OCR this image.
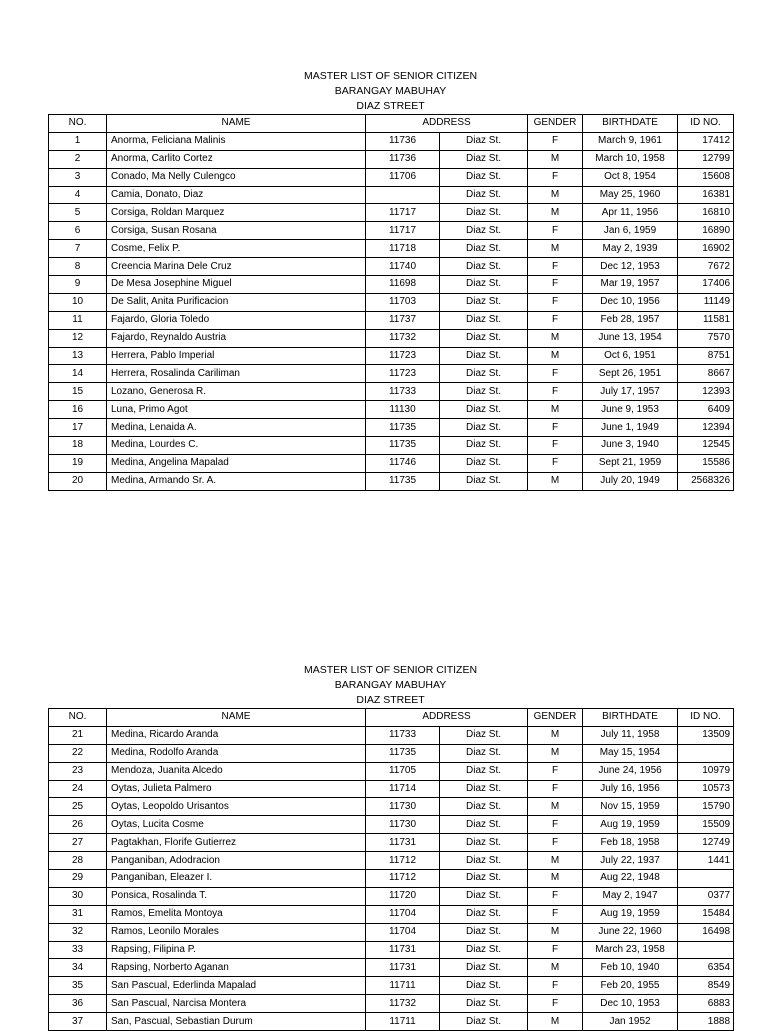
MASTER LIST OF SENIOR CITIZEN
BARANGAY MABUHAY
DIAZ STREET
NO.	NAME	ADDRESS		GENDER	BIRTHDATE	ID NO.
1	Anorma, Feliciana Malinis	11736	Diaz St.	F	March 9, 1961	17412
2	Anorma, Carlito Cortez	11736	Diaz St.	M	March 10, 1958	12799
3	Conado, Ma Nelly Culengco	11706	Diaz St.	F	Oct 8, 1954	15608
4	Camia, Donato, Diaz		Diaz St.	M	May 25, 1960	16381
5	Corsiga, Roldan Marquez	11717	Diaz St.	M	Apr 11, 1956	16810
6	Corsiga, Susan Rosana	11717	Diaz St.	F	Jan 6, 1959	16890
7	Cosme, Felix P.	11718	Diaz St.	M	May 2, 1939	16902
8	Creencia Marina Dele Cruz	11740	Diaz St.	F	Dec 12, 1953	7672
9	De Mesa Josephine Miguel	11698	Diaz St.	F	Mar 19, 1957	17406
10	De Salit, Anita Purificacion	11703	Diaz St.	F	Dec 10, 1956	11149
11	Fajardo, Gloria Toledo	11737	Diaz St.	F	Feb 28, 1957	11581
12	Fajardo, Reynaldo Austria	11732	Diaz St.	M	June 13, 1954	7570
13	Herrera, Pablo Imperial	11723	Diaz St.	M	Oct 6, 1951	8751
14	Herrera, Rosalinda Cariliman	11723	Diaz St.	F	Sept 26, 1951	8667
15	Lozano, Generosa R.	11733	Diaz St.	F	July 17, 1957	12393
16	Luna, Primo Agot	11130	Diaz St.	M	June 9, 1953	6409
17	Medina, Lenaida A.	11735	Diaz St.	F	June 1, 1949	12394
18	Medina, Lourdes C.	11735	Diaz St.	F	June 3, 1940	12545
19	Medina, Angelina Mapalad	11746	Diaz St.	F	Sept 21, 1959	15586
20	Medina, Armando Sr. A.	11735	Diaz St.	M	July 20, 1949	2568326
MASTER LIST OF SENIOR CITIZEN
BARANGAY MABUHAY
DIAZ STREET
NO.	NAME	ADDRESS		GENDER	BIRTHDATE	ID NO.
21	Medina, Ricardo Aranda	11733	Diaz St.	M	July 11, 1958	13509
22	Medina, Rodolfo Aranda	11735	Diaz St.	M	May 15, 1954	
23	Mendoza, Juanita Alcedo	11705	Diaz St.	F	June 24, 1956	10979
24	Oytas, Julieta Palmero	11714	Diaz St.	F	July 16, 1956	10573
25	Oytas, Leopoldo Urisantos	11730	Diaz St.	M	Nov 15, 1959	15790
26	Oytas, Lucita Cosme	11730	Diaz St.	F	Aug 19, 1959	15509
27	Pagtakhan, Florife Gutierrez	11731	Diaz St.	F	Feb 18, 1958	12749
28	Panganiban, Adodracion	11712	Diaz St.	M	July 22, 1937	1441
29	Panganiban, Eleazer I.	11712	Diaz St.	M	Aug 22, 1948	
30	Ponsica, Rosalinda T.	11720	Diaz St.	F	May 2, 1947	0377
31	Ramos, Emelita Montoya	11704	Diaz St.	F	Aug 19, 1959	15484
32	Ramos, Leonilo Morales	11704	Diaz St.	M	June 22, 1960	16498
33	Rapsing, Filipina P.	11731	Diaz St.	F	March 23, 1958	
34	Rapsing, Norberto Aganan	11731	Diaz St.	M	Feb 10, 1940	6354
35	San Pascual, Ederlinda Mapalad	11711	Diaz St.	F	Feb 20, 1955	8549
36	San Pascual, Narcisa Montera	11732	Diaz St.	F	Dec 10, 1953	6883
37	San, Pascual, Sebastian Durum	11711	Diaz St.	M	Jan 1952	1888
